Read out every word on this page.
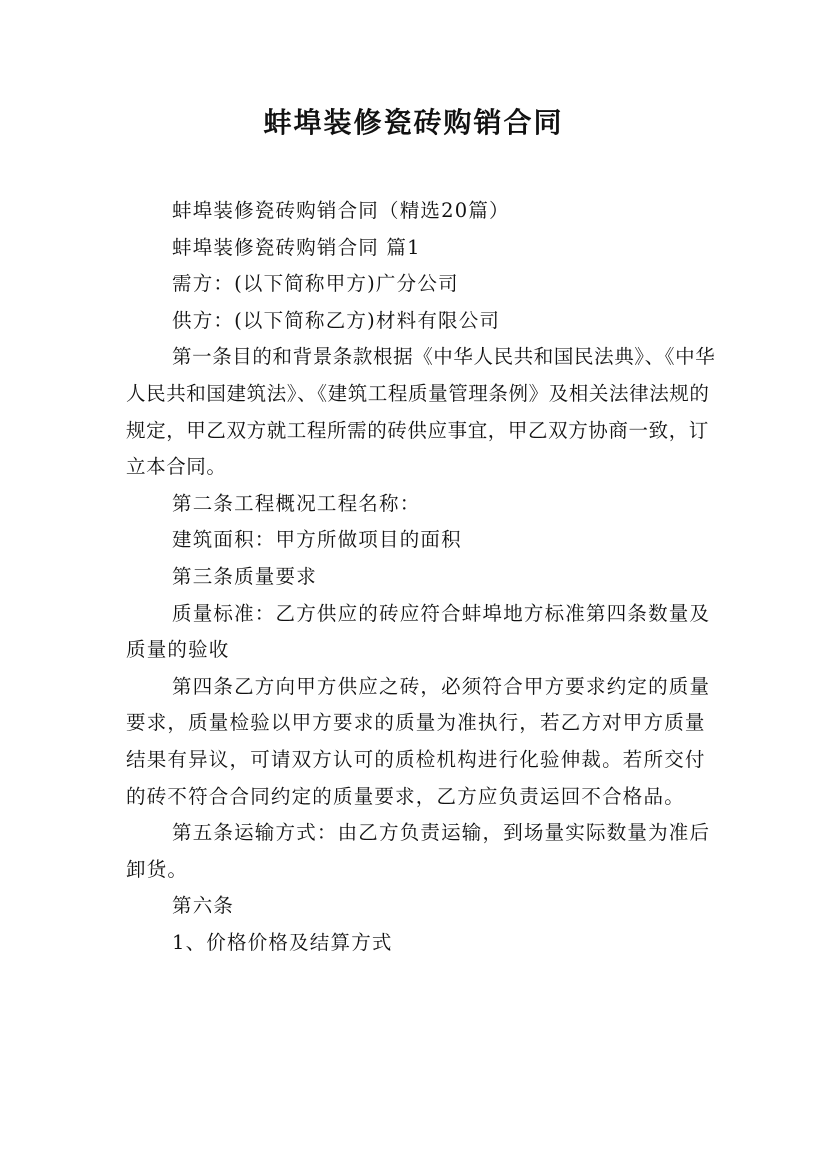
蚌埠装修瓷砖购销合同

蚌埠装修瓷砖购销合同（精选20篇）

蚌埠装修瓷砖购销合同 篇1

需方：(以下简称甲方)广分公司

供方：(以下简称乙方)材料有限公司

第一条目的和背景条款根据《中华人民共和国民法典》、《中华人民共和国建筑法》、《建筑工程质量管理条例》及相关法律法规的规定，甲乙双方就工程所需的砖供应事宜，甲乙双方协商一致，订立本合同。

第二条工程概况工程名称：

建筑面积：甲方所做项目的面积

第三条质量要求

质量标准：乙方供应的砖应符合蚌埠地方标准第四条数量及质量的验收

第四条乙方向甲方供应之砖，必须符合甲方要求约定的质量要求，质量检验以甲方要求的质量为准执行，若乙方对甲方质量结果有异议，可请双方认可的质检机构进行化验伸裁。若所交付的砖不符合合同约定的质量要求，乙方应负责运回不合格品。

第五条运输方式：由乙方负责运输，到场量实际数量为准后卸货。

第六条

1、价格价格及结算方式
